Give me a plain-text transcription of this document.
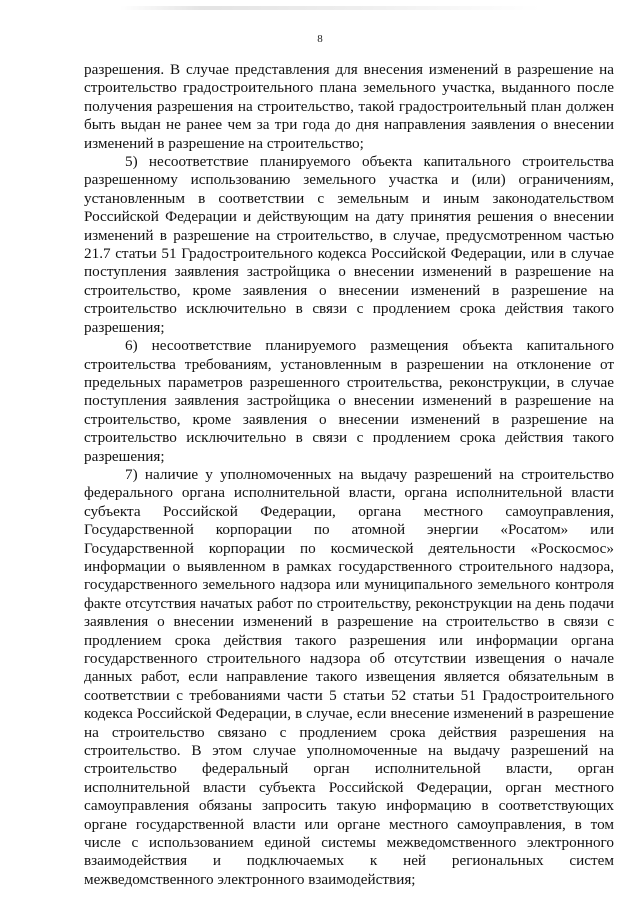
8

разрешения. В случае представления для внесения изменений в разрешение на строительство градостроительного плана земельного участка, выданного после получения разрешения на строительство, такой градостроительный план должен быть выдан не ранее чем за три года до дня направления заявления о внесении изменений в разрешение на строительство;

5) несоответствие планируемого объекта капитального строительства разрешенному использованию земельного участка и (или) ограничениям, установленным в соответствии с земельным и иным законодательством Российской Федерации и действующим на дату принятия решения о внесении изменений в разрешение на строительство, в случае, предусмотренном частью 21.7 статьи 51 Градостроительного кодекса Российской Федерации, или в случае поступления заявления застройщика о внесении изменений в разрешение на строительство, кроме заявления о внесении изменений в разрешение на строительство исключительно в связи с продлением срока действия такого разрешения;

6) несоответствие планируемого размещения объекта капитального строительства требованиям, установленным в разрешении на отклонение от предельных параметров разрешенного строительства, реконструкции, в случае поступления заявления застройщика о внесении изменений в разрешение на строительство, кроме заявления о внесении изменений в разрешение на строительство исключительно в связи с продлением срока действия такого разрешения;

7) наличие у уполномоченных на выдачу разрешений на строительство федерального органа исполнительной власти, органа исполнительной власти субъекта Российской Федерации, органа местного самоуправления, Государственной корпорации по атомной энергии «Росатом» или Государственной корпорации по космической деятельности «Роскосмос» информации о выявленном в рамках государственного строительного надзора, государственного земельного надзора или муниципального земельного контроля факте отсутствия начатых работ по строительству, реконструкции на день подачи заявления о внесении изменений в разрешение на строительство в связи с продлением срока действия такого разрешения или информации органа государственного строительного надзора об отсутствии извещения о начале данных работ, если направление такого извещения является обязательным в соответствии с требованиями части 5 статьи 52 статьи 51 Градостроительного кодекса Российской Федерации, в случае, если внесение изменений в разрешение на строительство связано с продлением срока действия разрешения на строительство. В этом случае уполномоченные на выдачу разрешений на строительство федеральный орган исполнительной власти, орган исполнительной власти субъекта Российской Федерации, орган местного самоуправления обязаны запросить такую информацию в соответствующих органе государственной власти или органе местного самоуправления, в том числе с использованием единой системы межведомственного электронного взаимодействия и подключаемых к ней региональных систем межведомственного электронного взаимодействия;
